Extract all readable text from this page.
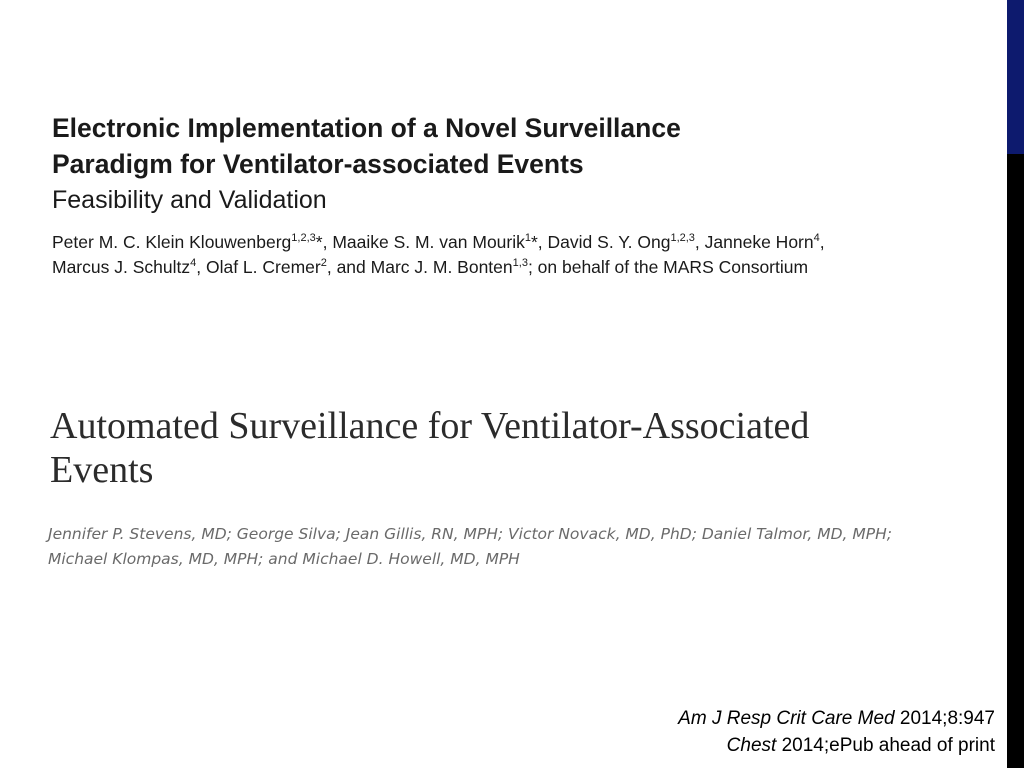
Electronic Implementation of a Novel Surveillance
Paradigm for Ventilator-associated Events
Feasibility and Validation
Peter M. C. Klein Klouwenberg$^{1,2,3}$*, Maaike S. M. van Mourik$^1$*, David S. Y. Ong$^{1,2,3}$, Janneke Horn$^4$,
Marcus J. Schultz$^4$, Olaf L. Cremer$^2$, and Marc J. M. Bonten$^{1,3}$; on behalf of the MARS Consortium
Automated Surveillance for Ventilator-Associated
Events
Jennifer P. Stevens, MD; George Silva; Jean Gillis, RN, MPH; Victor Novack, MD, PhD; Daniel Talmor, MD, MPH;
Michael Klompas, MD, MPH; and Michael D. Howell, MD, MPH
Am J Resp Crit Care Med 2014;8:947
Chest 2014;ePub ahead of print
